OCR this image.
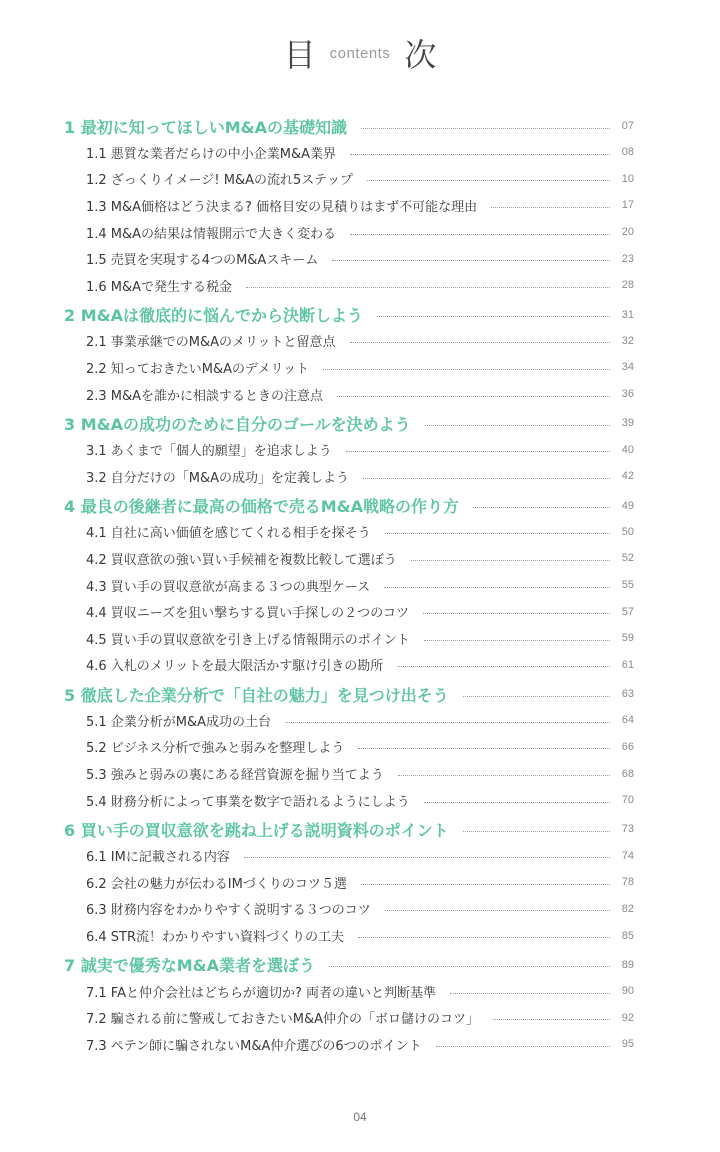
目 contents 次
1 最初に知ってほしいM&Aの基礎知識	07
1.1 悪質な業者だらけの中小企業M&A業界	08
1.2 ざっくりイメージ! M&Aの流れ5ステップ	10
1.3 M&A価格はどう決まる? 価格目安の見積りはまず不可能な理由	17
1.4 M&Aの結果は情報開示で大きく変わる	20
1.5 売買を実現する4つのM&Aスキーム	23
1.6 M&Aで発生する税金	28
2 M&Aは徹底的に悩んでから決断しよう	31
2.1 事業承継でのM&Aのメリットと留意点	32
2.2 知っておきたいM&Aのデメリット	34
2.3 M&Aを誰かに相談するときの注意点	36
3 M&Aの成功のために自分のゴールを決めよう	39
3.1 あくまで「個人的願望」を追求しよう	40
3.2 自分だけの「M&Aの成功」を定義しよう	42
4 最良の後継者に最高の価格で売るM&A戦略の作り方	49
4.1 自社に高い価値を感じてくれる相手を探そう	50
4.2 買収意欲の強い買い手候補を複数比較して選ぼう	52
4.3 買い手の買収意欲が高まる３つの典型ケース	55
4.4 買収ニーズを狙い撃ちする買い手探しの２つのコツ	57
4.5 買い手の買収意欲を引き上げる情報開示のポイント	59
4.6 入札のメリットを最大限活かす駆け引きの勘所	61
5 徹底した企業分析で「自社の魅力」を見つけ出そう	63
5.1 企業分析がM&A成功の土台	64
5.2 ビジネス分析で強みと弱みを整理しよう	66
5.3 強みと弱みの裏にある経営資源を掘り当てよう	68
5.4 財務分析によって事業を数字で語れるようにしよう	70
6 買い手の買収意欲を跳ね上げる説明資料のポイント	73
6.1 IMに記載される内容	74
6.2 会社の魅力が伝わるIMづくりのコツ５選	78
6.3 財務内容をわかりやすく説明する３つのコツ	82
6.4 STR流！わかりやすい資料づくりの工夫	85
7 誠実で優秀なM&A業者を選ぼう	89
7.1 FAと仲介会社はどちらが適切か? 両者の違いと判断基準	90
7.2 騙される前に警戒しておきたいM&A仲介の「ボロ儲けのコツ」	92
7.3 ペテン師に騙されないM&A仲介選びの6つのポイント	95
04
